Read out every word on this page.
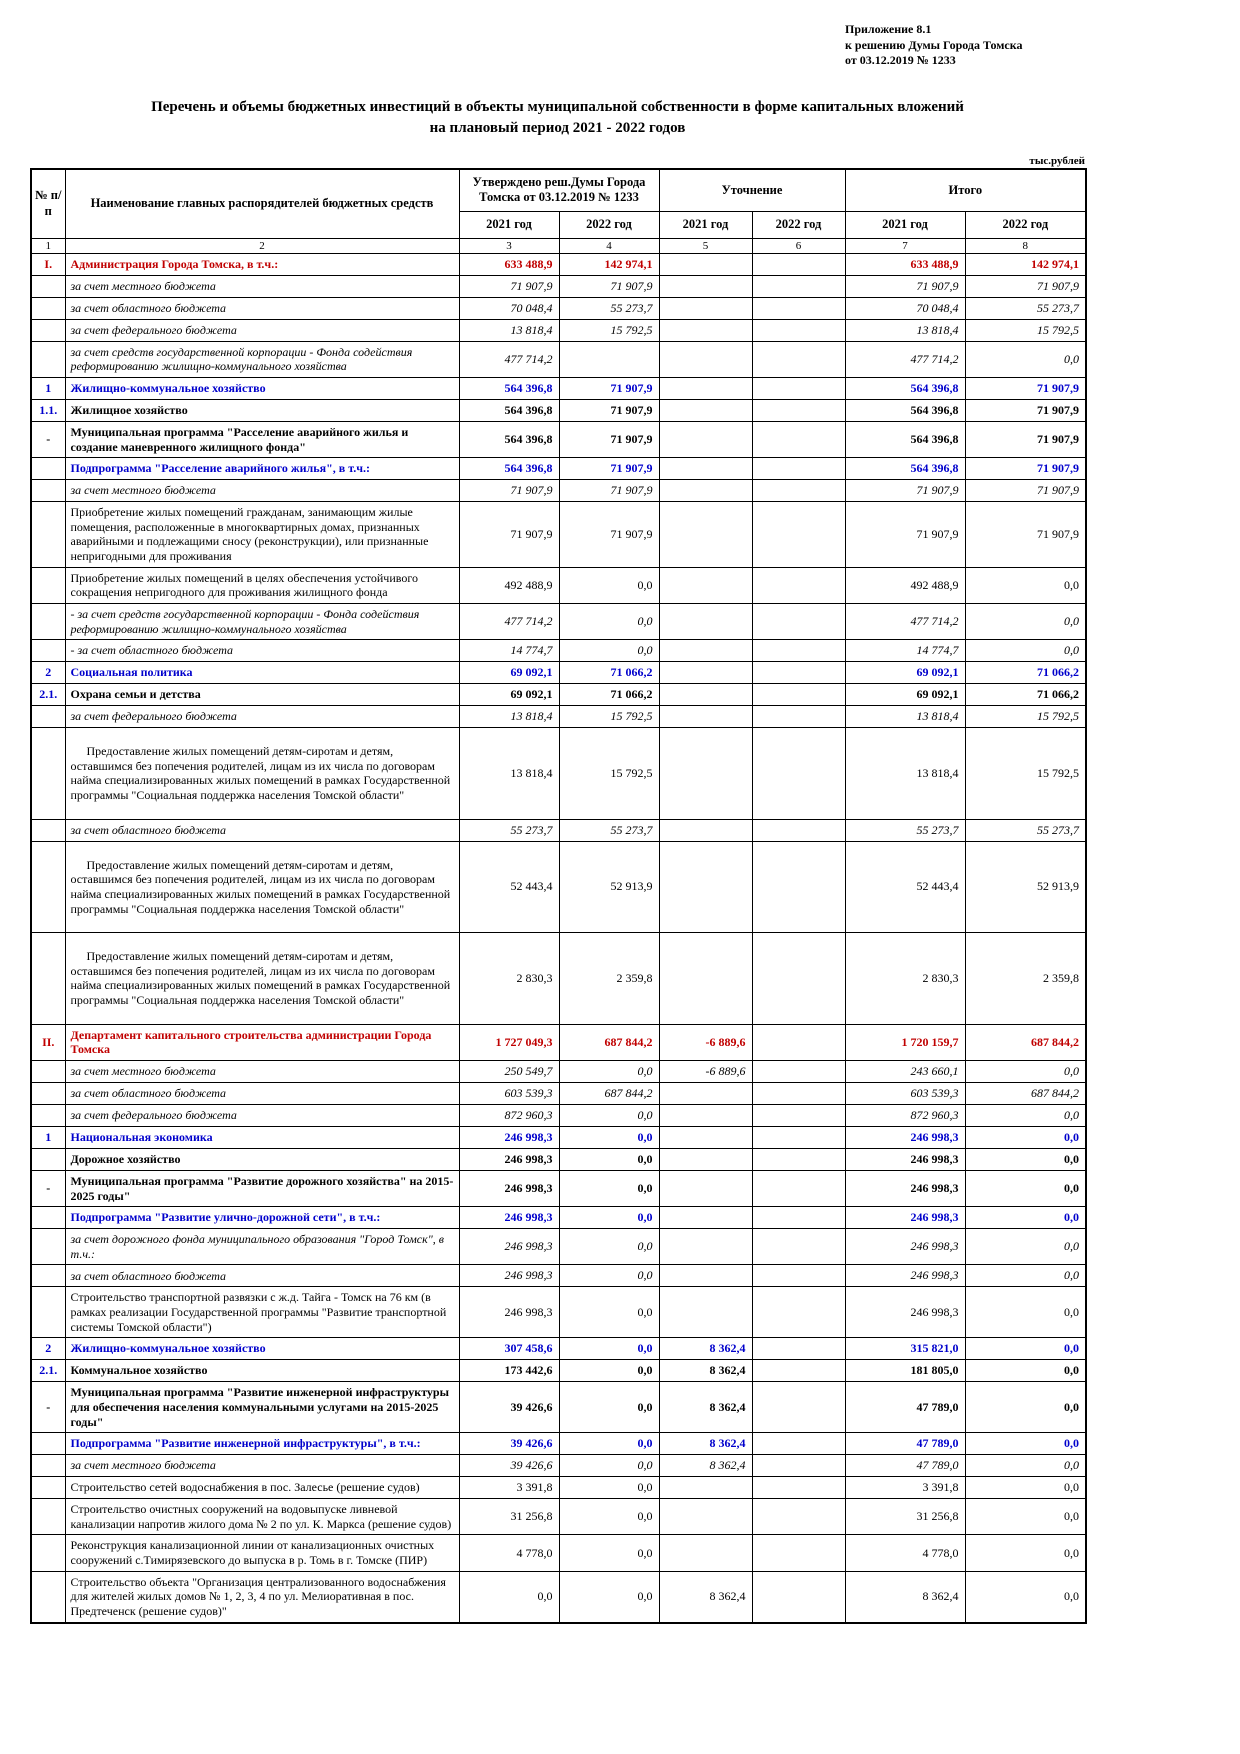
Приложение 8.1
к решению Думы Города Томска
от 03.12.2019 № 1233
Перечень и объемы бюджетных инвестиций в объекты муниципальной собственности в форме капитальных вложений
на плановый период 2021 - 2022 годов
тыс.рублей
№ п/п	Наименование главных распорядителей бюджетных средств	Утверждено реш.Думы Города Томска от 03.12.2019 № 1233		Уточнение		Итого	
		2021 год	2022 год	2021 год	2022 год	2021 год	2022 год
1	2	3	4	5	6	7	8
I.	Администрация Города Томска, в т.ч.:	633 488,9	142 974,1			633 488,9	142 974,1
	за счет местного бюджета	71 907,9	71 907,9			71 907,9	71 907,9
	за счет областного бюджета	70 048,4	55 273,7			70 048,4	55 273,7
	за счет федерального бюджета	13 818,4	15 792,5			13 818,4	15 792,5
	за счет средств государственной корпорации - Фонда содействия реформированию жилищно-коммунального хозяйства	477 714,2				477 714,2	0,0
1	Жилищно-коммунальное хозяйство	564 396,8	71 907,9			564 396,8	71 907,9
1.1.	Жилищное хозяйство	564 396,8	71 907,9			564 396,8	71 907,9
-	Муниципальная программа "Расселение аварийного жилья и создание маневренного жилищного фонда"	564 396,8	71 907,9			564 396,8	71 907,9
	Подпрограмма "Расселение аварийного жилья", в т.ч.:	564 396,8	71 907,9			564 396,8	71 907,9
	за счет местного бюджета	71 907,9	71 907,9			71 907,9	71 907,9
	Приобретение жилых помещений гражданам, занимающим жилые помещения, расположенные в многоквартирных домах, признанных аварийными и подлежащими сносу (реконструкции), или признанные непригодными для проживания	71 907,9	71 907,9			71 907,9	71 907,9
	Приобретение жилых помещений в целях обеспечения устойчивого сокращения непригодного для проживания жилищного фонда	492 488,9	0,0			492 488,9	0,0
	- за счет средств государственной корпорации - Фонда содействия реформированию жилищно-коммунального хозяйства	477 714,2	0,0			477 714,2	0,0
	- за счет областного бюджета	14 774,7	0,0			14 774,7	0,0
2	Социальная политика	69 092,1	71 066,2			69 092,1	71 066,2
2.1.	Охрана семьи и детства	69 092,1	71 066,2			69 092,1	71 066,2
	за счет федерального бюджета	13 818,4	15 792,5			13 818,4	15 792,5
	Предоставление жилых помещений детям-сиротам и детям, оставшимся без попечения родителей, лицам из их числа по договорам найма специализированных жилых помещений в рамках Государственной программы "Социальная поддержка населения Томской области"	13 818,4	15 792,5			13 818,4	15 792,5
	за счет областного бюджета	55 273,7	55 273,7			55 273,7	55 273,7
	Предоставление жилых помещений детям-сиротам и детям, оставшимся без попечения родителей, лицам из их числа по договорам найма специализированных жилых помещений в рамках Государственной программы "Социальная поддержка населения Томской области"	52 443,4	52 913,9			52 443,4	52 913,9
	Предоставление жилых помещений детям-сиротам и детям, оставшимся без попечения родителей, лицам из их числа по договорам найма специализированных жилых помещений в рамках Государственной программы "Социальная поддержка населения Томской области"	2 830,3	2 359,8			2 830,3	2 359,8
II.	Департамент капитального строительства администрации Города Томска	1 727 049,3	687 844,2	-6 889,6		1 720 159,7	687 844,2
	за счет местного бюджета	250 549,7	0,0	-6 889,6		243 660,1	0,0
	за счет областного бюджета	603 539,3	687 844,2			603 539,3	687 844,2
	за счет федерального бюджета	872 960,3	0,0			872 960,3	0,0
1	Национальная экономика	246 998,3	0,0			246 998,3	0,0
	Дорожное хозяйство	246 998,3	0,0			246 998,3	0,0
-	Муниципальная программа "Развитие дорожного хозяйства" на 2015-2025 годы"	246 998,3	0,0			246 998,3	0,0
	Подпрограмма "Развитие улично-дорожной сети", в т.ч.:	246 998,3	0,0			246 998,3	0,0
	за счет дорожного фонда муниципального образования "Город Томск", в т.ч.:	246 998,3	0,0			246 998,3	0,0
	за счет областного бюджета	246 998,3	0,0			246 998,3	0,0
	Строительство транспортной развязки с ж.д. Тайга - Томск на 76 км (в рамках реализации Государственной программы "Развитие транспортной системы Томской области")	246 998,3	0,0			246 998,3	0,0
2	Жилищно-коммунальное хозяйство	307 458,6	0,0	8 362,4		315 821,0	0,0
2.1.	Коммунальное хозяйство	173 442,6	0,0	8 362,4		181 805,0	0,0
-	Муниципальная программа "Развитие инженерной инфраструктуры для обеспечения населения коммунальными услугами на 2015-2025 годы"	39 426,6	0,0	8 362,4		47 789,0	0,0
	Подпрограмма "Развитие инженерной инфраструктуры", в т.ч.:	39 426,6	0,0	8 362,4		47 789,0	0,0
	за счет местного бюджета	39 426,6	0,0	8 362,4		47 789,0	0,0
	Строительство сетей водоснабжения в пос. Залесье (решение судов)	3 391,8	0,0			3 391,8	0,0
	Строительство очистных сооружений на водовыпуске ливневой канализации напротив жилого дома № 2 по ул. К. Маркса (решение судов)	31 256,8	0,0			31 256,8	0,0
	Реконструкция канализационной линии от канализационных очистных сооружений с.Тимирязевского до выпуска в р. Томь в г. Томске (ПИР)	4 778,0	0,0			4 778,0	0,0
	Строительство объекта "Организация централизованного водоснабжения для жителей жилых домов № 1, 2, 3, 4 по ул. Мелиоративная в пос. Предтеченск (решение судов)"	0,0	0,0	8 362,4		8 362,4	0,0
